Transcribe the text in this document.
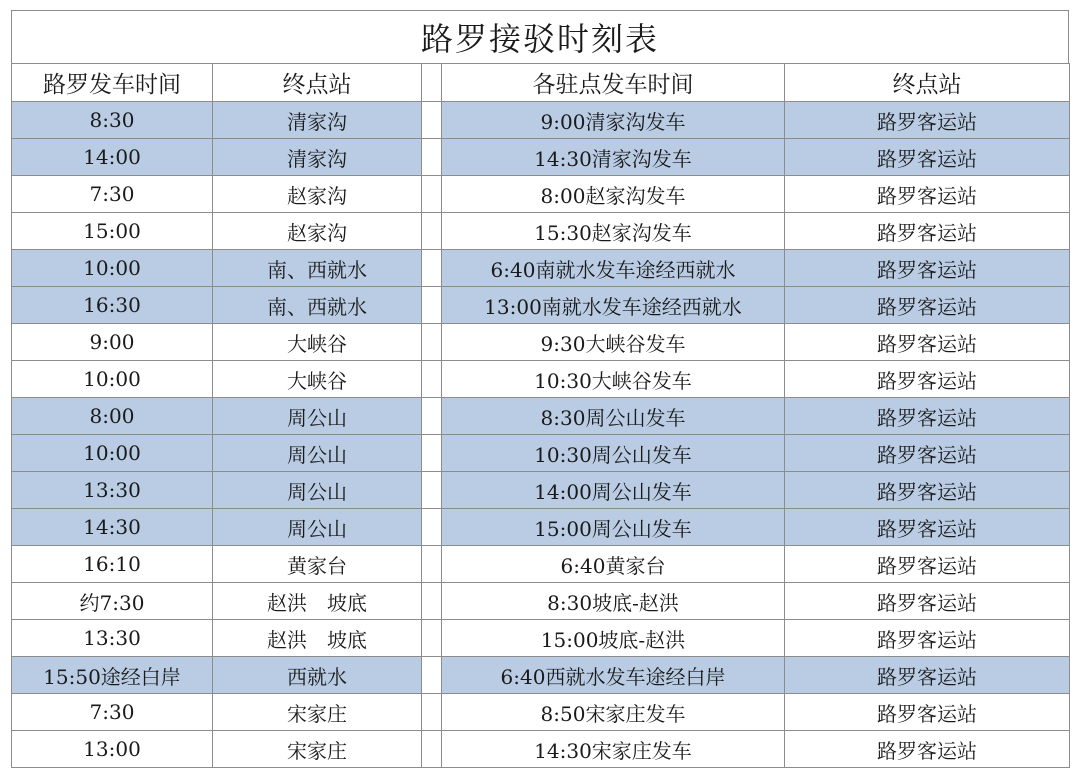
路罗接驳时刻表
路罗发车时间	终点站		各驻点发车时间	终点站
8:30	清家沟		9:00清家沟发车	路罗客运站
14:00	清家沟		14:30清家沟发车	路罗客运站
7:30	赵家沟		8:00赵家沟发车	路罗客运站
15:00	赵家沟		15:30赵家沟发车	路罗客运站
10:00	南、西就水		6:40南就水发车途经西就水	路罗客运站
16:30	南、西就水		13:00南就水发车途经西就水	路罗客运站
9:00	大峡谷		9:30大峡谷发车	路罗客运站
10:00	大峡谷		10:30大峡谷发车	路罗客运站
8:00	周公山		8:30周公山发车	路罗客运站
10:00	周公山		10:30周公山发车	路罗客运站
13:30	周公山		14:00周公山发车	路罗客运站
14:30	周公山		15:00周公山发车	路罗客运站
16:10	黄家台		6:40黄家台	路罗客运站
约7:30	赵洪　坡底		8:30坡底-赵洪	路罗客运站
13:30	赵洪　坡底		15:00坡底-赵洪	路罗客运站
15:50途经白岸	西就水		6:40西就水发车途经白岸	路罗客运站
7:30	宋家庄		8:50宋家庄发车	路罗客运站
13:00	宋家庄		14:30宋家庄发车	路罗客运站
